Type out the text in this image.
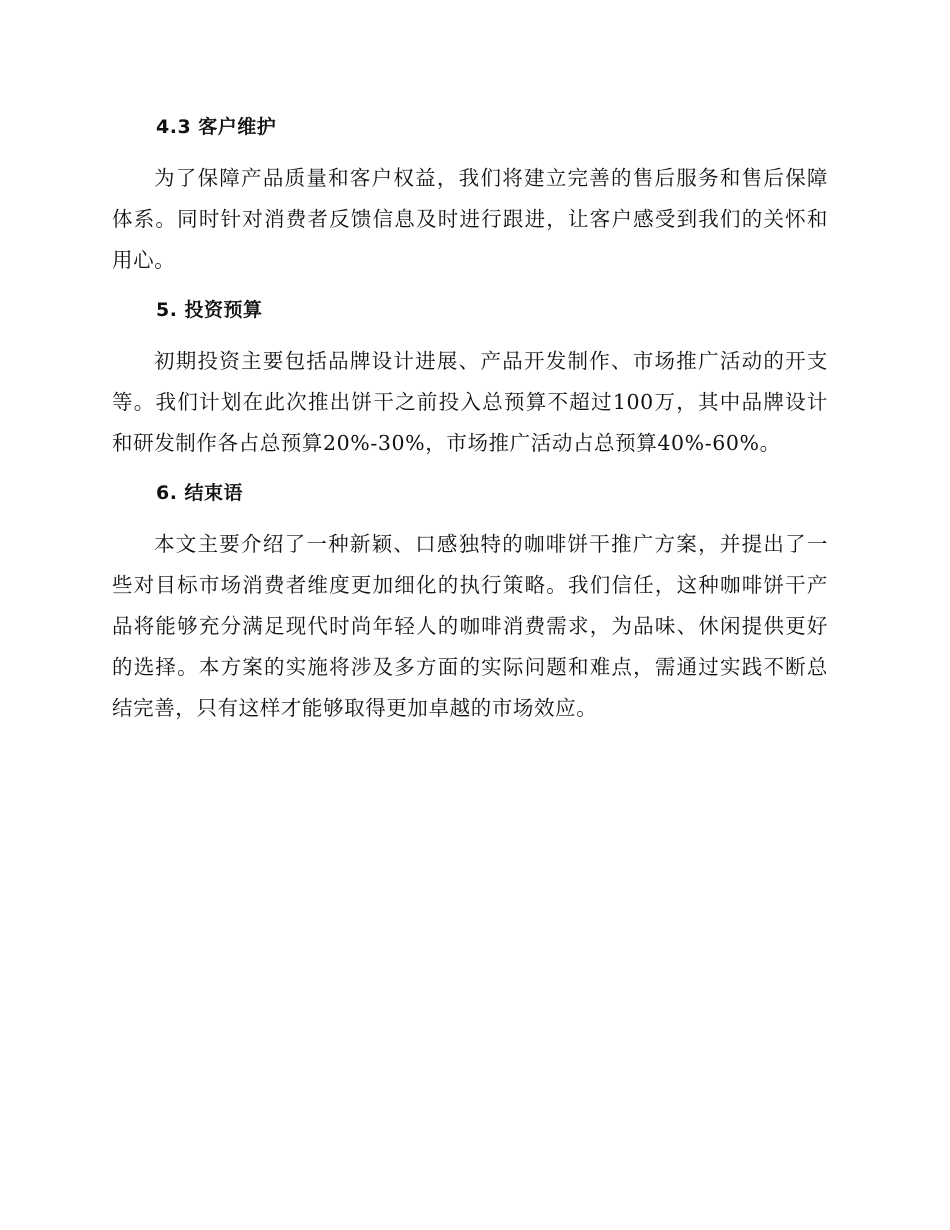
4.3 客户维护

为了保障产品质量和客户权益，我们将建立完善的售后服务和售后保障体系。同时针对消费者反馈信息及时进行跟进，让客户感受到我们的关怀和用心。

5. 投资预算

初期投资主要包括品牌设计进展、产品开发制作、市场推广活动的开支等。我们计划在此次推出饼干之前投入总预算不超过100万，其中品牌设计和研发制作各占总预算20%-30%，市场推广活动占总预算40%-60%。

6. 结束语

本文主要介绍了一种新颖、口感独特的咖啡饼干推广方案，并提出了一些对目标市场消费者维度更加细化的执行策略。我们信任，这种咖啡饼干产品将能够充分满足现代时尚年轻人的咖啡消费需求，为品味、休闲提供更好的选择。本方案的实施将涉及多方面的实际问题和难点，需通过实践不断总结完善，只有这样才能够取得更加卓越的市场效应。
